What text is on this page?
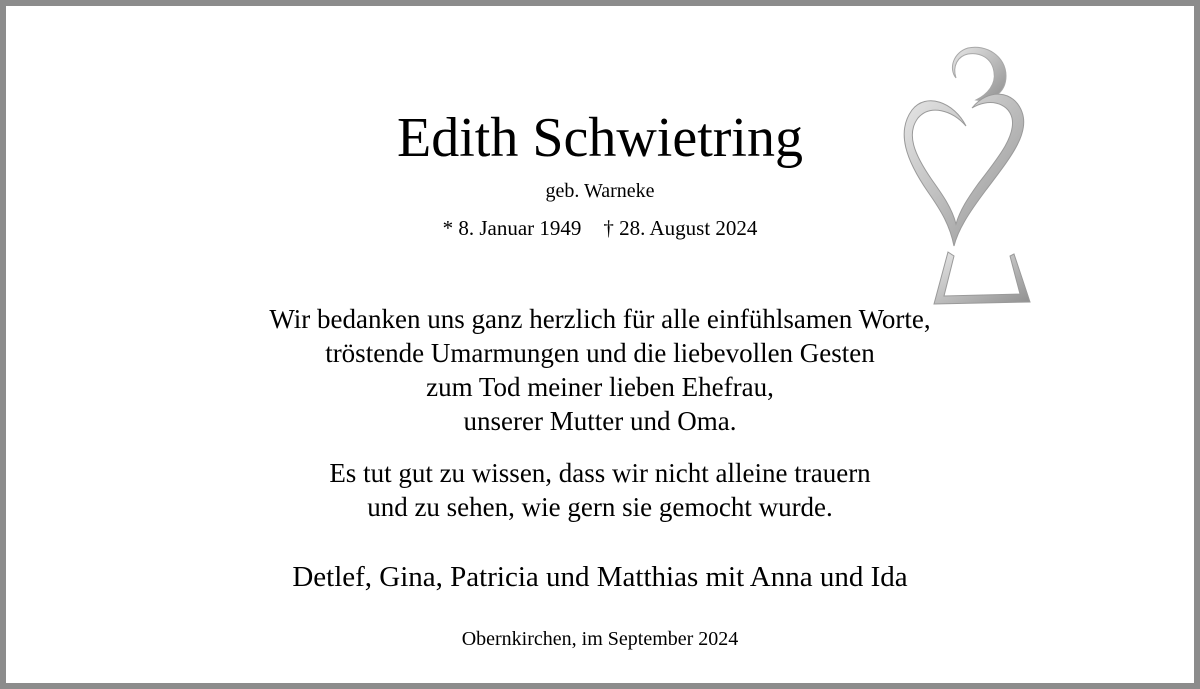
Edith Schwietring
geb. Warneke
* 8. Januar 1949 † 28. August 2024
Wir bedanken uns ganz herzlich für alle einfühlsamen Worte,
tröstende Umarmungen und die liebevollen Gesten
zum Tod meiner lieben Ehefrau,
unserer Mutter und Oma.
Es tut gut zu wissen, dass wir nicht alleine trauern
und zu sehen, wie gern sie gemocht wurde.
Detlef, Gina, Patricia und Matthias mit Anna und Ida
Obernkirchen, im September 2024
